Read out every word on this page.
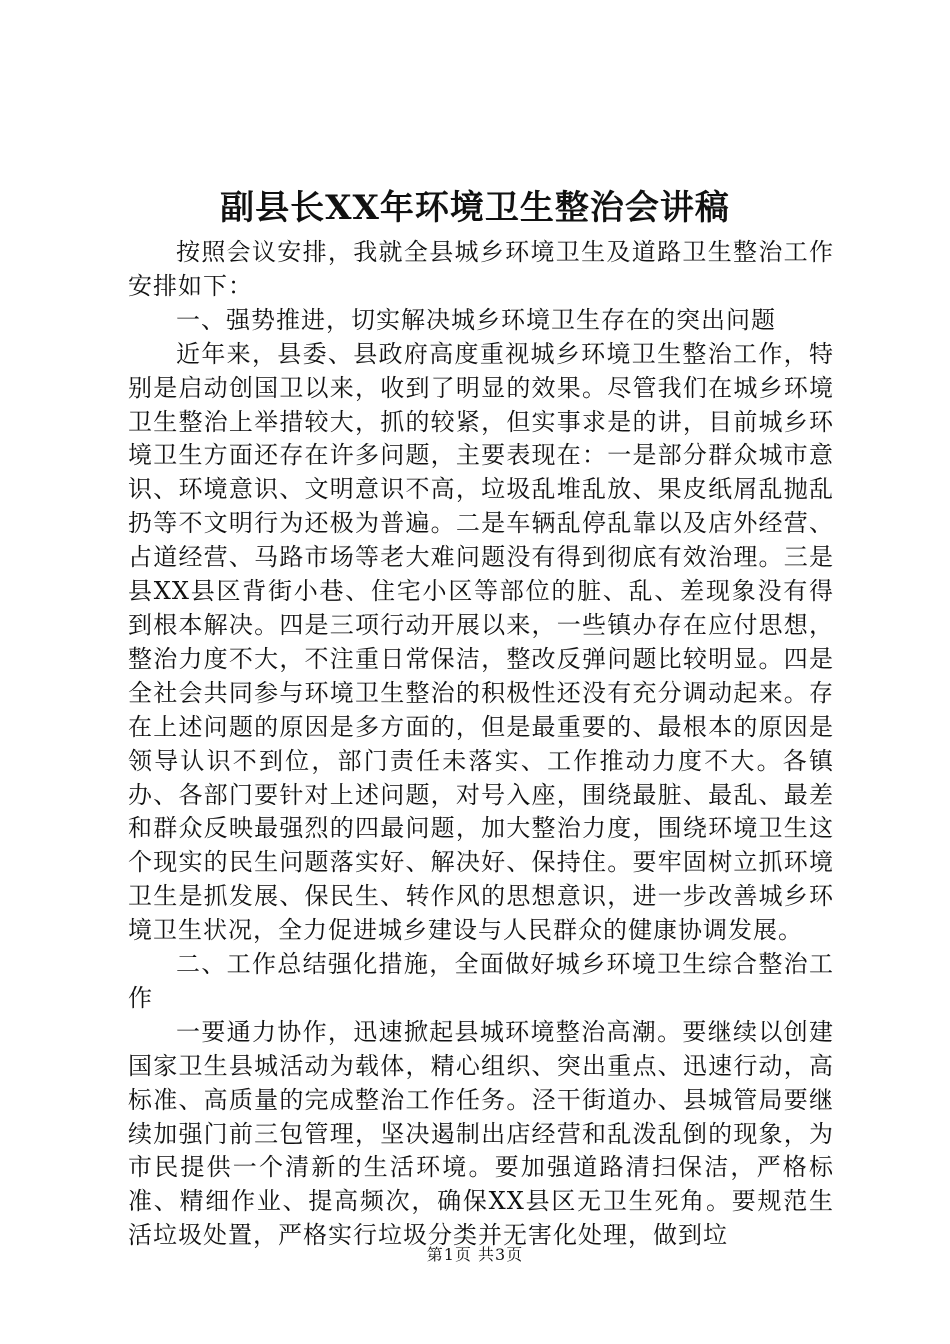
副县长XX年环境卫生整治会讲稿

按照会议安排，我就全县城乡环境卫生及道路卫生整治工作安排如下：

一、强势推进，切实解决城乡环境卫生存在的突出问题

近年来，县委、县政府高度重视城乡环境卫生整治工作，特别是启动创国卫以来，收到了明显的效果。尽管我们在城乡环境卫生整治上举措较大，抓的较紧，但实事求是的讲，目前城乡环境卫生方面还存在许多问题，主要表现在：一是部分群众城市意识、环境意识、文明意识不高，垃圾乱堆乱放、果皮纸屑乱抛乱扔等不文明行为还极为普遍。二是车辆乱停乱靠以及店外经营、占道经营、马路市场等老大难问题没有得到彻底有效治理。三是县XX县区背街小巷、住宅小区等部位的脏、乱、差现象没有得到根本解决。四是三项行动开展以来，一些镇办存在应付思想，整治力度不大，不注重日常保洁，整改反弹问题比较明显。四是全社会共同参与环境卫生整治的积极性还没有充分调动起来。存在上述问题的原因是多方面的，但是最重要的、最根本的原因是领导认识不到位，部门责任未落实、工作推动力度不大。各镇办、各部门要针对上述问题，对号入座，围绕最脏、最乱、最差和群众反映最强烈的四最问题，加大整治力度，围绕环境卫生这个现实的民生问题落实好、解决好、保持住。要牢固树立抓环境卫生是抓发展、保民生、转作风的思想意识，进一步改善城乡环境卫生状况，全力促进城乡建设与人民群众的健康协调发展。

二、工作总结强化措施，全面做好城乡环境卫生综合整治工作

一要通力协作，迅速掀起县城环境整治高潮。要继续以创建国家卫生县城活动为载体，精心组织、突出重点、迅速行动，高标准、高质量的完成整治工作任务。泾干街道办、县城管局要继续加强门前三包管理，坚决遏制出店经营和乱泼乱倒的现象，为市民提供一个清新的生活环境。要加强道路清扫保洁，严格标准、精细作业、提高频次，确保XX县区无卫生死角。要规范生活垃圾处置，严格实行垃圾分类并无害化处理，做到垃

第1页 共3页
